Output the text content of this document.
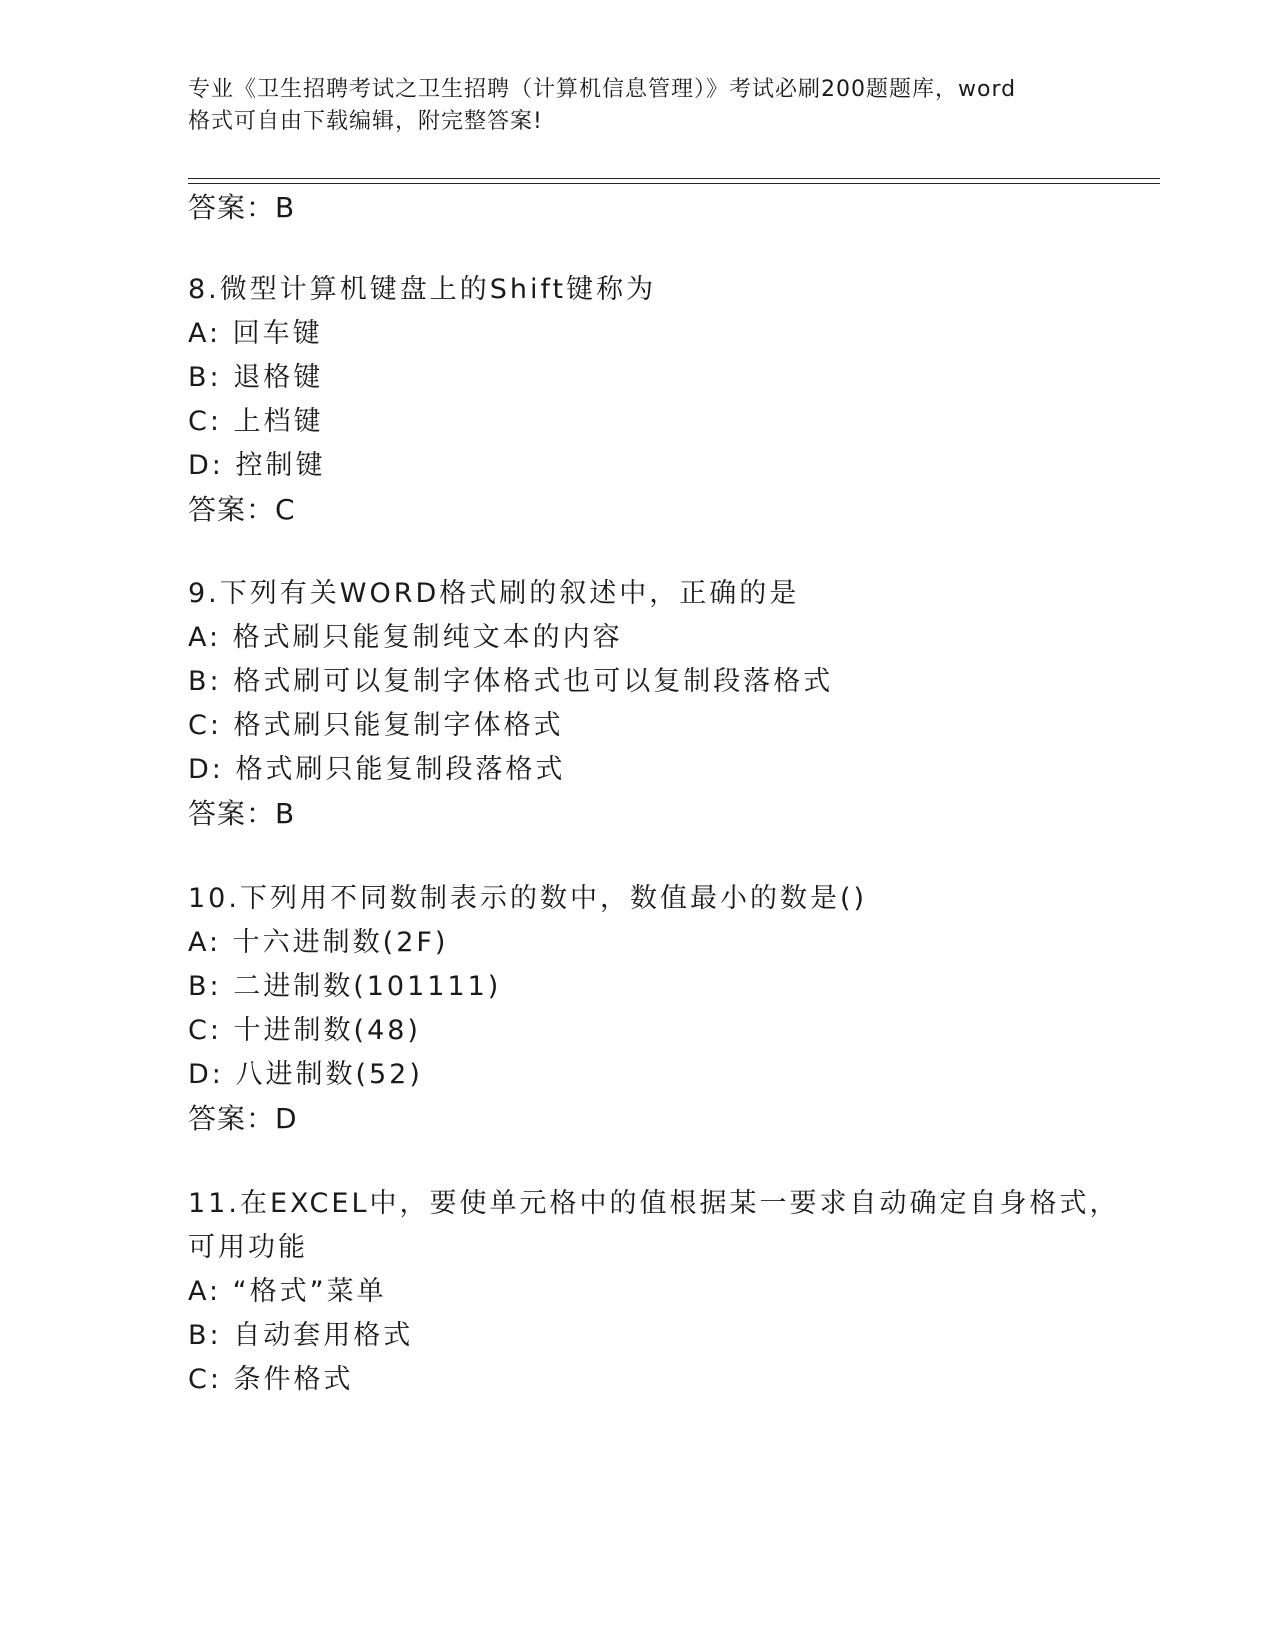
专业《卫生招聘考试之卫生招聘（计算机信息管理）》考试必刷200题题库，word
格式可自由下载编辑，附完整答案!
答案：B
8.微型计算机键盘上的Shift键称为
A: 回车键
B: 退格键
C: 上档键
D: 控制键
答案：C
9.下列有关WORD格式刷的叙述中，正确的是
A: 格式刷只能复制纯文本的内容
B: 格式刷可以复制字体格式也可以复制段落格式
C: 格式刷只能复制字体格式
D: 格式刷只能复制段落格式
答案：B
10.下列用不同数制表示的数中，数值最小的数是()
A: 十六进制数(2F)
B: 二进制数(101111)
C: 十进制数(48)
D: 八进制数(52)
答案：D
11.在EXCEL中，要使单元格中的值根据某一要求自动确定自身格式，
可用功能
A: “格式”菜单
B: 自动套用格式
C: 条件格式
